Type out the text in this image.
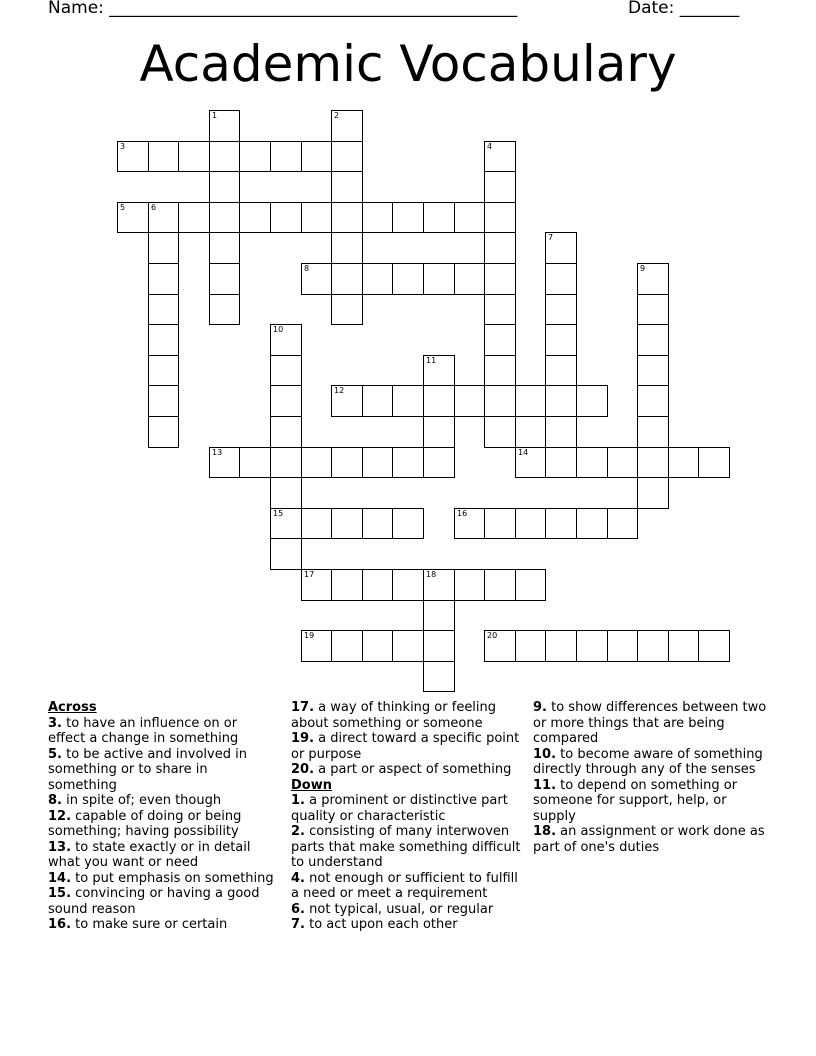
Name: ________________________________________________	Date: _______
Academic Vocabulary
1	2
3	4
5	6
7
8	9
10
11
12
13	14
15	16
17	18
19	20
Across

3. to have an influence on or effect a change in something

5. to be active and involved in something or to share in something

8. in spite of; even though

12. capable of doing or being something; having possibility

13. to state exactly or in detail what you want or need

14. to put emphasis on something

15. convincing or having a good sound reason

16. to make sure or certain

17. a way of thinking or feeling about something or someone

19. a direct toward a specific point or purpose

20. a part or aspect of something

Down

1. a prominent or distinctive part quality or characteristic

2. consisting of many interwoven parts that make something difficult to understand

4. not enough or sufficient to fulfill a need or meet a requirement

6. not typical, usual, or regular

7. to act upon each other

9. to show differences between two or more things that are being compared

10. to become aware of something directly through any of the senses

11. to depend on something or someone for support, help, or supply

18. an assignment or work done as part of one's duties
